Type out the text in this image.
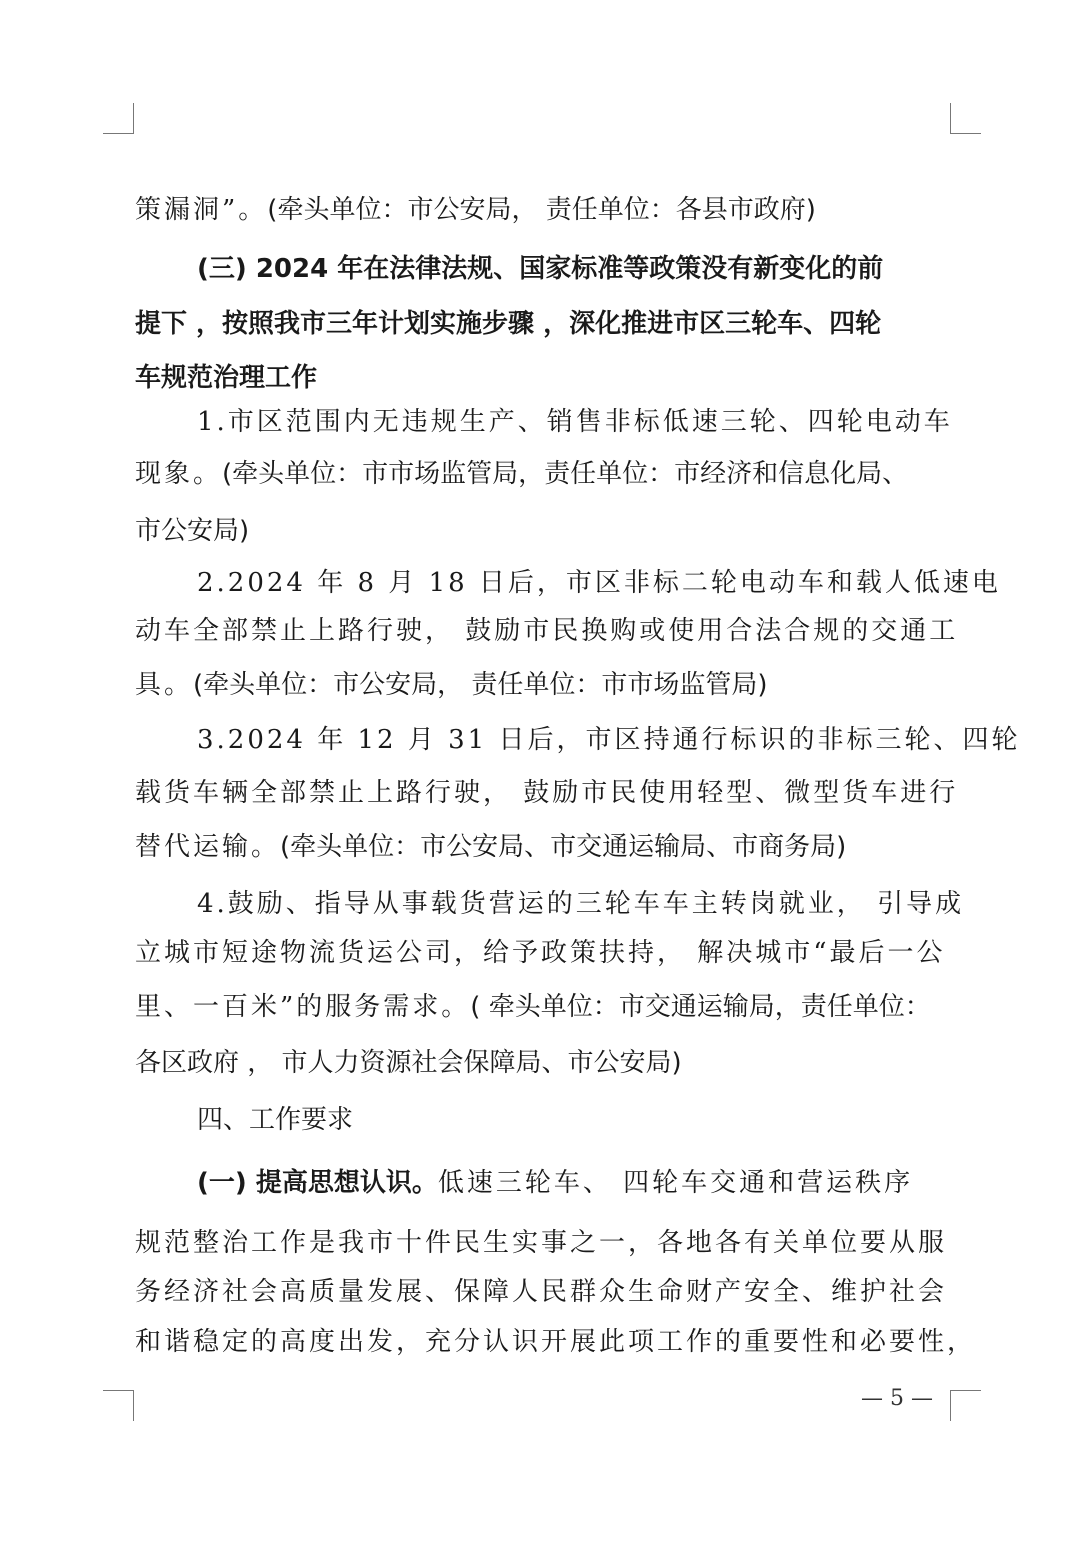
策漏洞”。(牵头单位：市公安局， 责任单位：各县市政府)
(三) 2024 年在法律法规、国家标准等政策没有新变化的前
提下 ，按照我市三年计划实施步骤 ，深化推进市区三轮车、四轮
车规范治理工作
1.市区范围内无违规生产、销售非标低速三轮、四轮电动车
现象。(牵头单位：市市场监管局，责任单位：市经济和信息化局、
市公安局)
2.2024 年 8 月 18 日后，市区非标二轮电动车和载人低速电
动车全部禁止上路行驶， 鼓励市民换购或使用合法合规的交通工
具。(牵头单位：市公安局， 责任单位：市市场监管局)
3.2024 年 12 月 31 日后，市区持通行标识的非标三轮、四轮
载货车辆全部禁止上路行驶， 鼓励市民使用轻型、微型货车进行
替代运输。(牵头单位：市公安局、市交通运输局、市商务局)
4.鼓励、指导从事载货营运的三轮车车主转岗就业， 引导成
立城市短途物流货运公司，给予政策扶持， 解决城市“最后一公
里、一百米”的服务需求。( 牵头单位：市交通运输局，责任单位：
各区政府 ， 市人力资源社会保障局、市公安局)
四、工作要求
(一) 提高思想认识。低速三轮车、 四轮车交通和营运秩序
规范整治工作是我市十件民生实事之一，各地各有关单位要从服
务经济社会高质量发展、保障人民群众生命财产安全、维护社会
和谐稳定的高度出发，充分认识开展此项工作的重要性和必要性，
— 5 —
